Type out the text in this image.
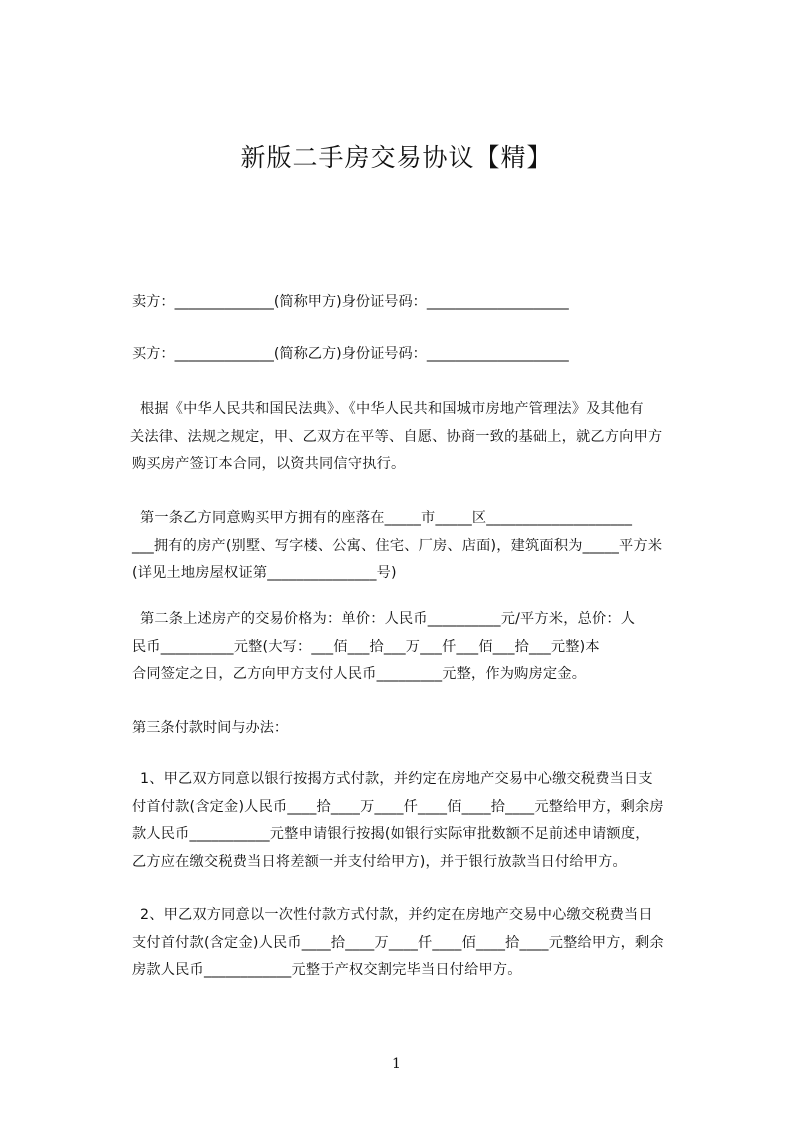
新版二手房交易协议【精】
卖方：______________(简称甲方)身份证号码：____________________
买方：______________(简称乙方)身份证号码：____________________
根据《中华人民共和国民法典》、《中华人民共和国城市房地产管理法》及其他有
关法律、法规之规定，甲、乙双方在平等、自愿、协商一致的基础上，就乙方向甲方
购买房产签订本合同，以资共同信守执行。
第一条乙方同意购买甲方拥有的座落在_____市_____区____________________
___拥有的房产(别墅、写字楼、公寓、住宅、厂房、店面)，建筑面积为_____平方米
(详见土地房屋权证第_______________号)
第二条上述房产的交易价格为：单价：人民币__________元/平方米，总价：人
民币__________元整(大写：___佰___拾___万___仟___佰___拾___元整)本
合同签定之日，乙方向甲方支付人民币_________元整，作为购房定金。
第三条付款时间与办法：
1、甲乙双方同意以银行按揭方式付款，并约定在房地产交易中心缴交税费当日支
付首付款(含定金)人民币____拾____万____仟____佰____拾____元整给甲方，剩余房
款人民币___________元整申请银行按揭(如银行实际审批数额不足前述申请额度，
乙方应在缴交税费当日将差额一并支付给甲方)，并于银行放款当日付给甲方。
2、甲乙双方同意以一次性付款方式付款，并约定在房地产交易中心缴交税费当日
支付首付款(含定金)人民币____拾____万____仟____佰____拾____元整给甲方，剩余
房款人民币____________元整于产权交割完毕当日付给甲方。
1
